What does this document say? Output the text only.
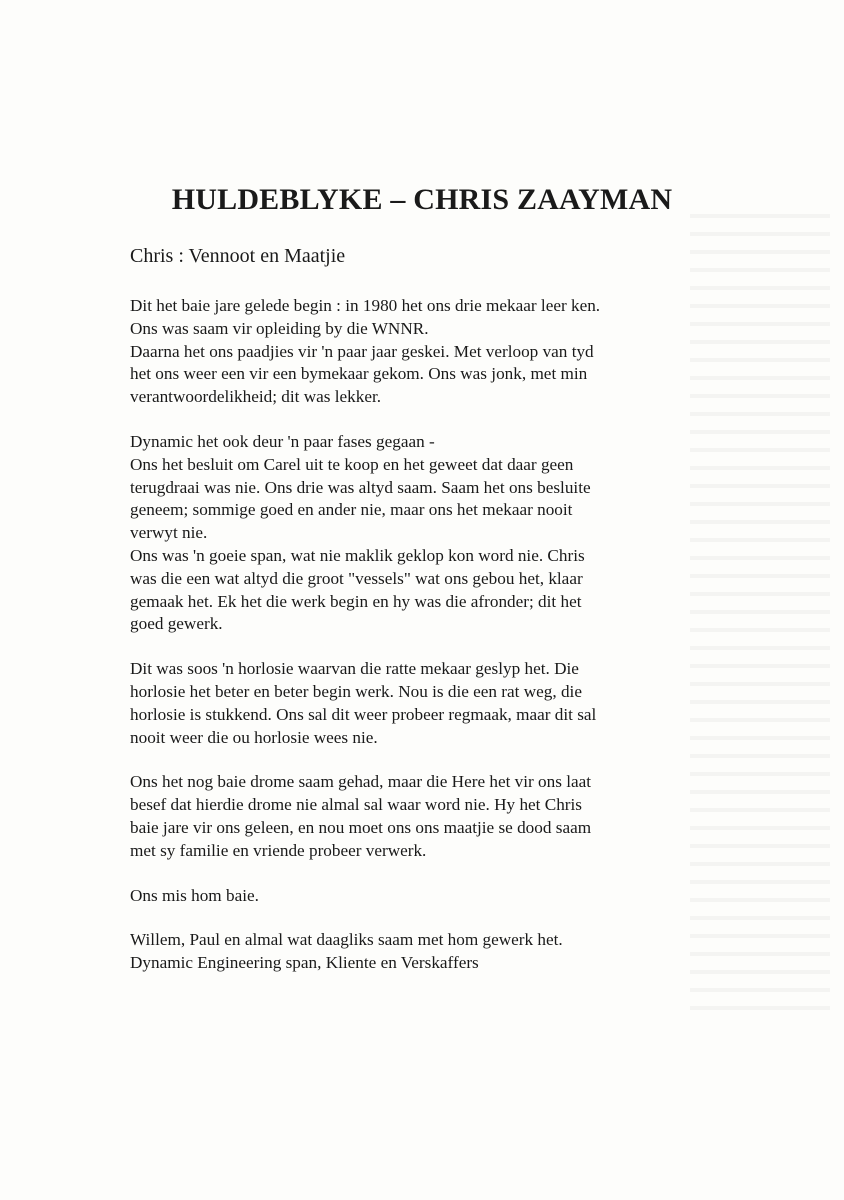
HULDEBLYKE – CHRIS ZAAYMAN
Chris : Vennoot en Maatjie

Dit het baie jare gelede begin : in 1980 het ons drie mekaar leer ken.
Ons was saam vir opleiding by die WNNR.
Daarna het ons paadjies vir 'n paar jaar geskei. Met verloop van tyd
het ons weer een vir een bymekaar gekom. Ons was jonk, met min
verantwoordelikheid; dit was lekker.

Dynamic het ook deur 'n paar fases gegaan -
Ons het besluit om Carel uit te koop en het geweet dat daar geen
terugdraai was nie. Ons drie was altyd saam. Saam het ons besluite
geneem; sommige goed en ander nie, maar ons het mekaar nooit
verwyt nie.
Ons was 'n goeie span, wat nie maklik geklop kon word nie. Chris
was die een wat altyd die groot "vessels" wat ons gebou het, klaar
gemaak het. Ek het die werk begin en hy was die afronder; dit het
goed gewerk.

Dit was soos 'n horlosie waarvan die ratte mekaar geslyp het. Die
horlosie het beter en beter begin werk. Nou is die een rat weg, die
horlosie is stukkend. Ons sal dit weer probeer regmaak, maar dit sal
nooit weer die ou horlosie wees nie.

Ons het nog baie drome saam gehad, maar die Here het vir ons laat
besef dat hierdie drome nie almal sal waar word nie. Hy het Chris
baie jare vir ons geleen, en nou moet ons ons maatjie se dood saam
met sy familie en vriende probeer verwerk.

Ons mis hom baie.

Willem, Paul en almal wat daagliks saam met hom gewerk het.
Dynamic Engineering span, Kliente en Verskaffers
